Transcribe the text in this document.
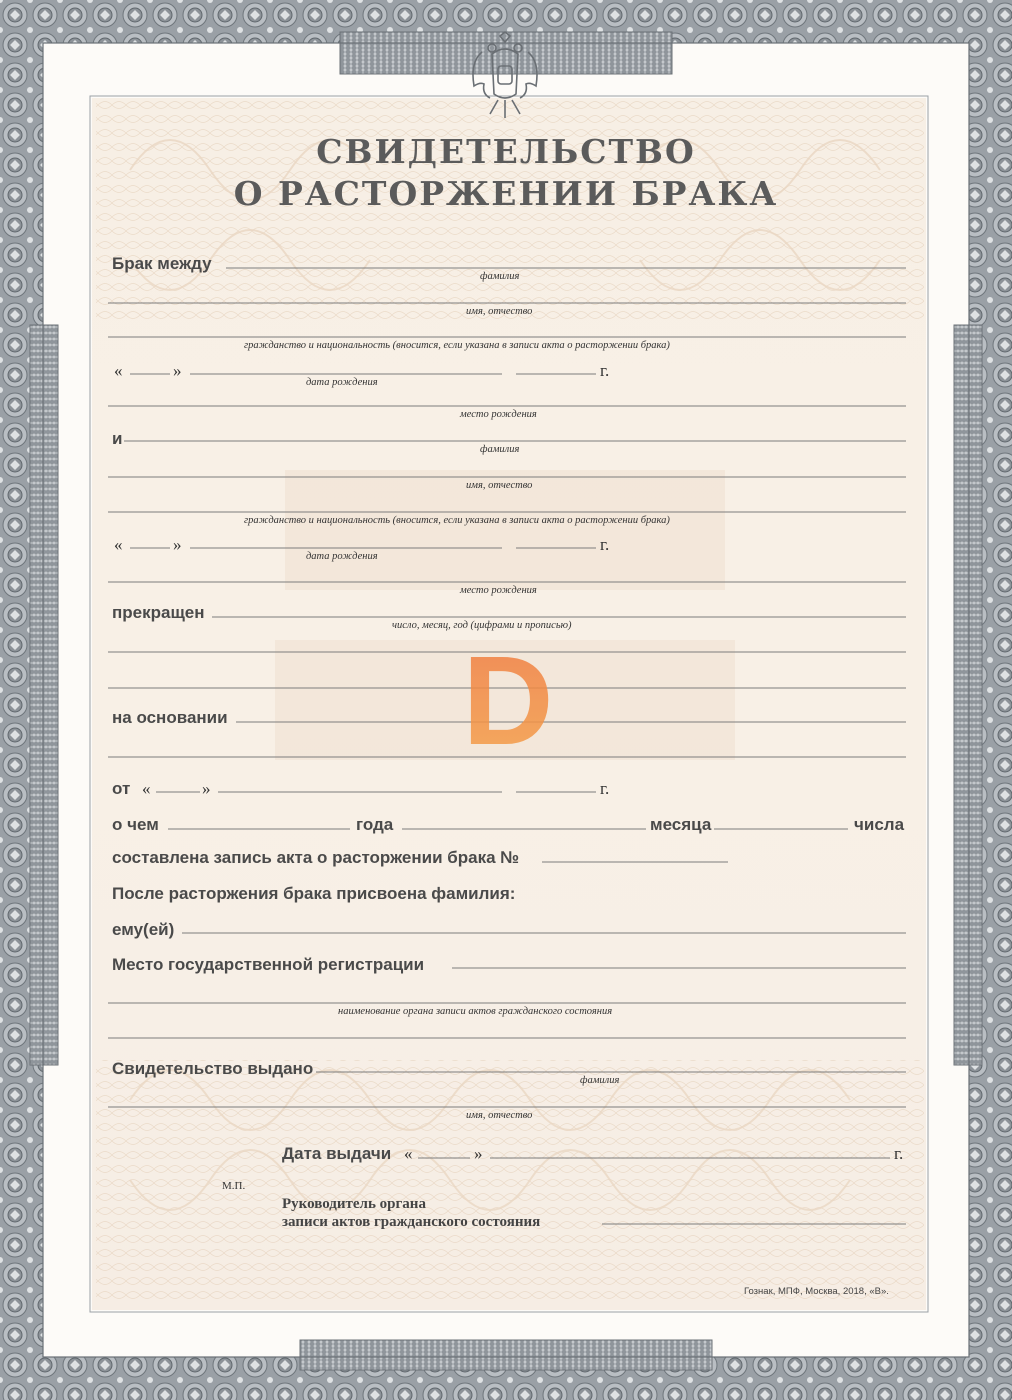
СВИДЕТЕЛЬСТВО
О РАСТОРЖЕНИИ БРАКА
Брак между
фамилия
имя, отчество
гражданство и национальность (вносится, если указана в записи акта о расторжении брака)
«	»	г.
дата рождения
место рождения
и
фамилия
имя, отчество
гражданство и национальность (вносится, если указана в записи акта о расторжении брака)
«	»	г.
дата рождения
место рождения
прекращен
число, месяц, год (цифрами и прописью)
на основании
от «	»	г.
о чем	года	месяца	числа
составлена запись акта о расторжении брака №
После расторжения брака присвоена фамилия:
ему(ей)
Место государственной регистрации
наименование органа записи актов гражданского состояния
Свидетельство выдано
фамилия
имя, отчество
Дата выдачи «	»	г.
М.П.
Руководитель органа
записи актов гражданского состояния
Гознак, МПФ, Москва, 2018, «В».
D
